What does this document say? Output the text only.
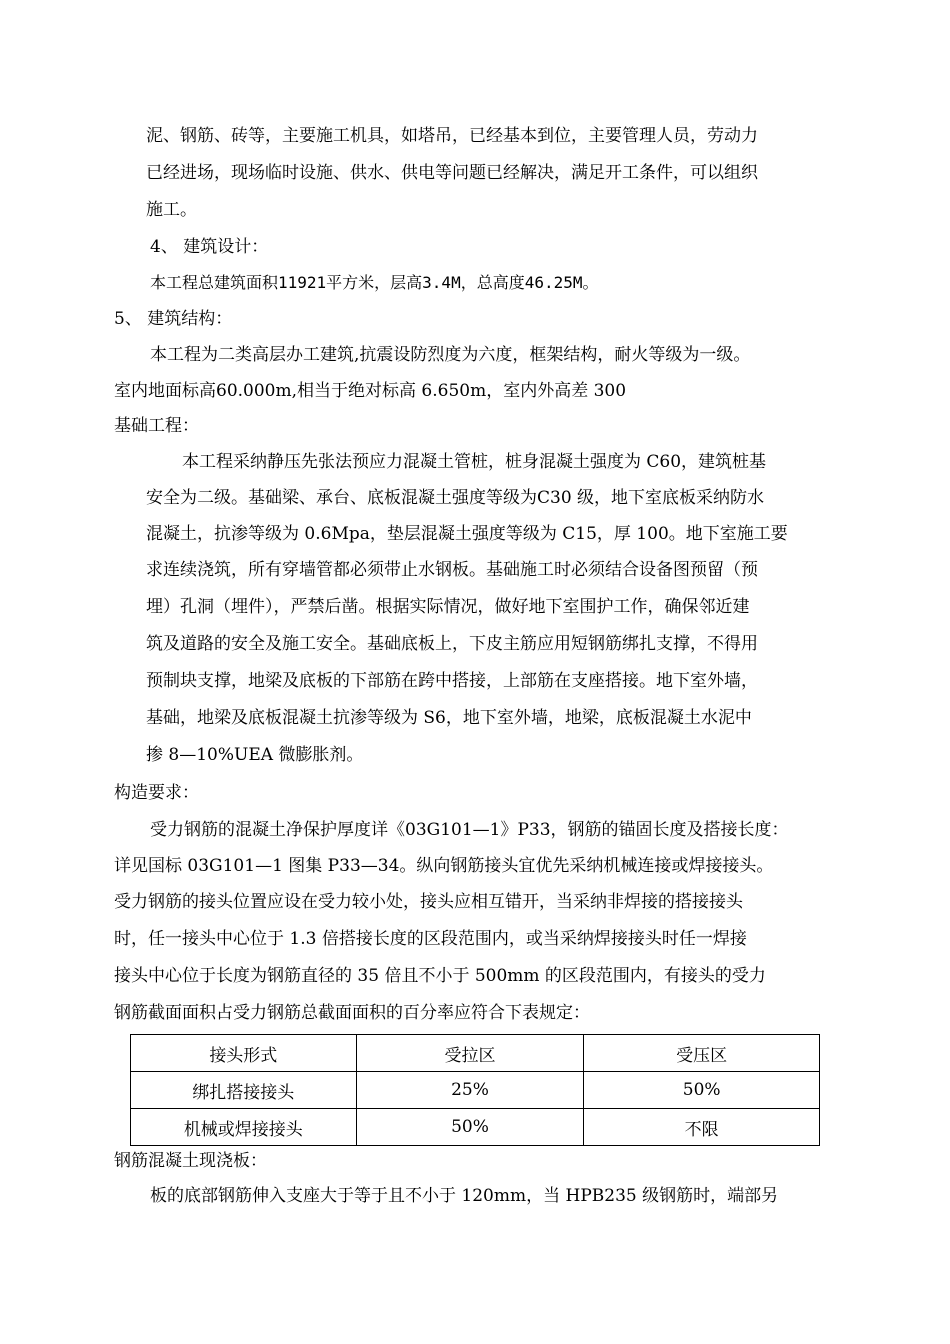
泥、钢筋、砖等，主要施工机具，如塔吊，已经基本到位，主要管理人员，劳动力
已经进场，现场临时设施、供水、供电等问题已经解决，满足开工条件，可以组织
施工。
4、 建筑设计：
本工程总建筑面积11921平方米，层高3.4M，总高度46.25M。
5、 建筑结构：
本工程为二类高层办工建筑,抗震设防烈度为六度，框架结构，耐火等级为一级。
室内地面标高60.000m,相当于绝对标高 6.650m，室内外高差 300
基础工程：
本工程采纳静压先张法预应力混凝土管桩，桩身混凝土强度为 C60，建筑桩基
安全为二级。基础梁、承台、底板混凝土强度等级为C30 级，地下室底板采纳防水
混凝土，抗渗等级为 0.6Mpa，垫层混凝土强度等级为 C15，厚 100。地下室施工要
求连续浇筑，所有穿墙管都必须带止水钢板。基础施工时必须结合设备图预留（预
埋）孔洞（埋件），严禁后凿。根据实际情况，做好地下室围护工作，确保邻近建
筑及道路的安全及施工安全。基础底板上，下皮主筋应用短钢筋绑扎支撑，不得用
预制块支撑，地梁及底板的下部筋在跨中搭接，上部筋在支座搭接。地下室外墙，
基础，地梁及底板混凝土抗渗等级为 S6，地下室外墙，地梁，底板混凝土水泥中
掺 8—10%UEA 微膨胀剂。
构造要求：
受力钢筋的混凝土净保护厚度详《03G101—1》P33，钢筋的锚固长度及搭接长度：
详见国标 03G101—1 图集 P33—34。纵向钢筋接头宜优先采纳机械连接或焊接接头。
受力钢筋的接头位置应设在受力较小处，接头应相互错开，当采纳非焊接的搭接接头
时，任一接头中心位于 1.3 倍搭接长度的区段范围内，或当采纳焊接接头时任一焊接
接头中心位于长度为钢筋直径的 35 倍且不小于 500mm 的区段范围内，有接头的受力
钢筋截面面积占受力钢筋总截面面积的百分率应符合下表规定：
接头形式	受拉区	受压区
绑扎搭接接头	25%	50%
机械或焊接接头	50%	不限
钢筋混凝土现浇板：
板的底部钢筋伸入支座大于等于且不小于 120mm，当 HPB235 级钢筋时，端部另
